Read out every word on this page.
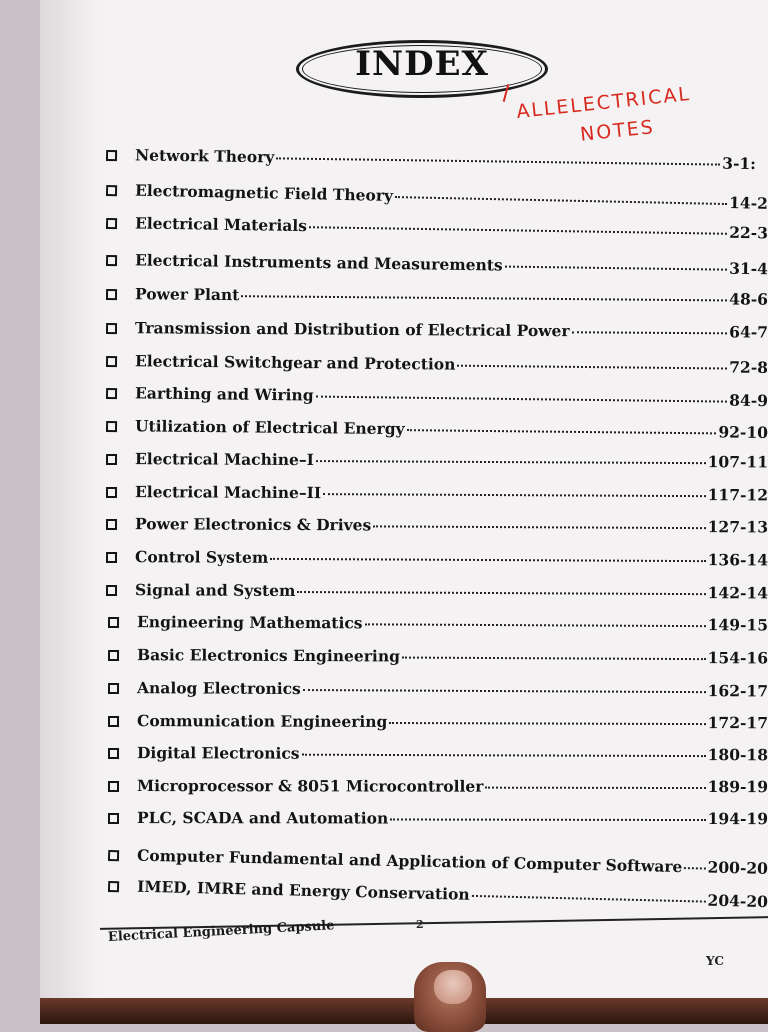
INDEX
ALLELECTRICAL
NOTES
Network Theory	3-1:
Electromagnetic Field Theory	14-2
Electrical Materials	22-3
Electrical Instruments and Measurements	31-4
Power Plant	48-6
Transmission and Distribution of Electrical Power	64-7
Electrical Switchgear and Protection	72-8
Earthing and Wiring	84-9
Utilization of Electrical Energy	92-10
Electrical Machine–I	107-11
Electrical Machine–II	117-12
Power Electronics & Drives	127-13
Control System	136-14
Signal and System	142-14
Engineering Mathematics	149-15
Basic Electronics Engineering	154-16
Analog Electronics	162-17
Communication Engineering	172-17
Digital Electronics	180-18
Microprocessor & 8051 Microcontroller	189-19
PLC, SCADA and Automation	194-19
Computer Fundamental and Application of Computer Software 200-20
IMED, IMRE and Energy Conservation	204-20
Electrical Engineering Capsule	2
YC
